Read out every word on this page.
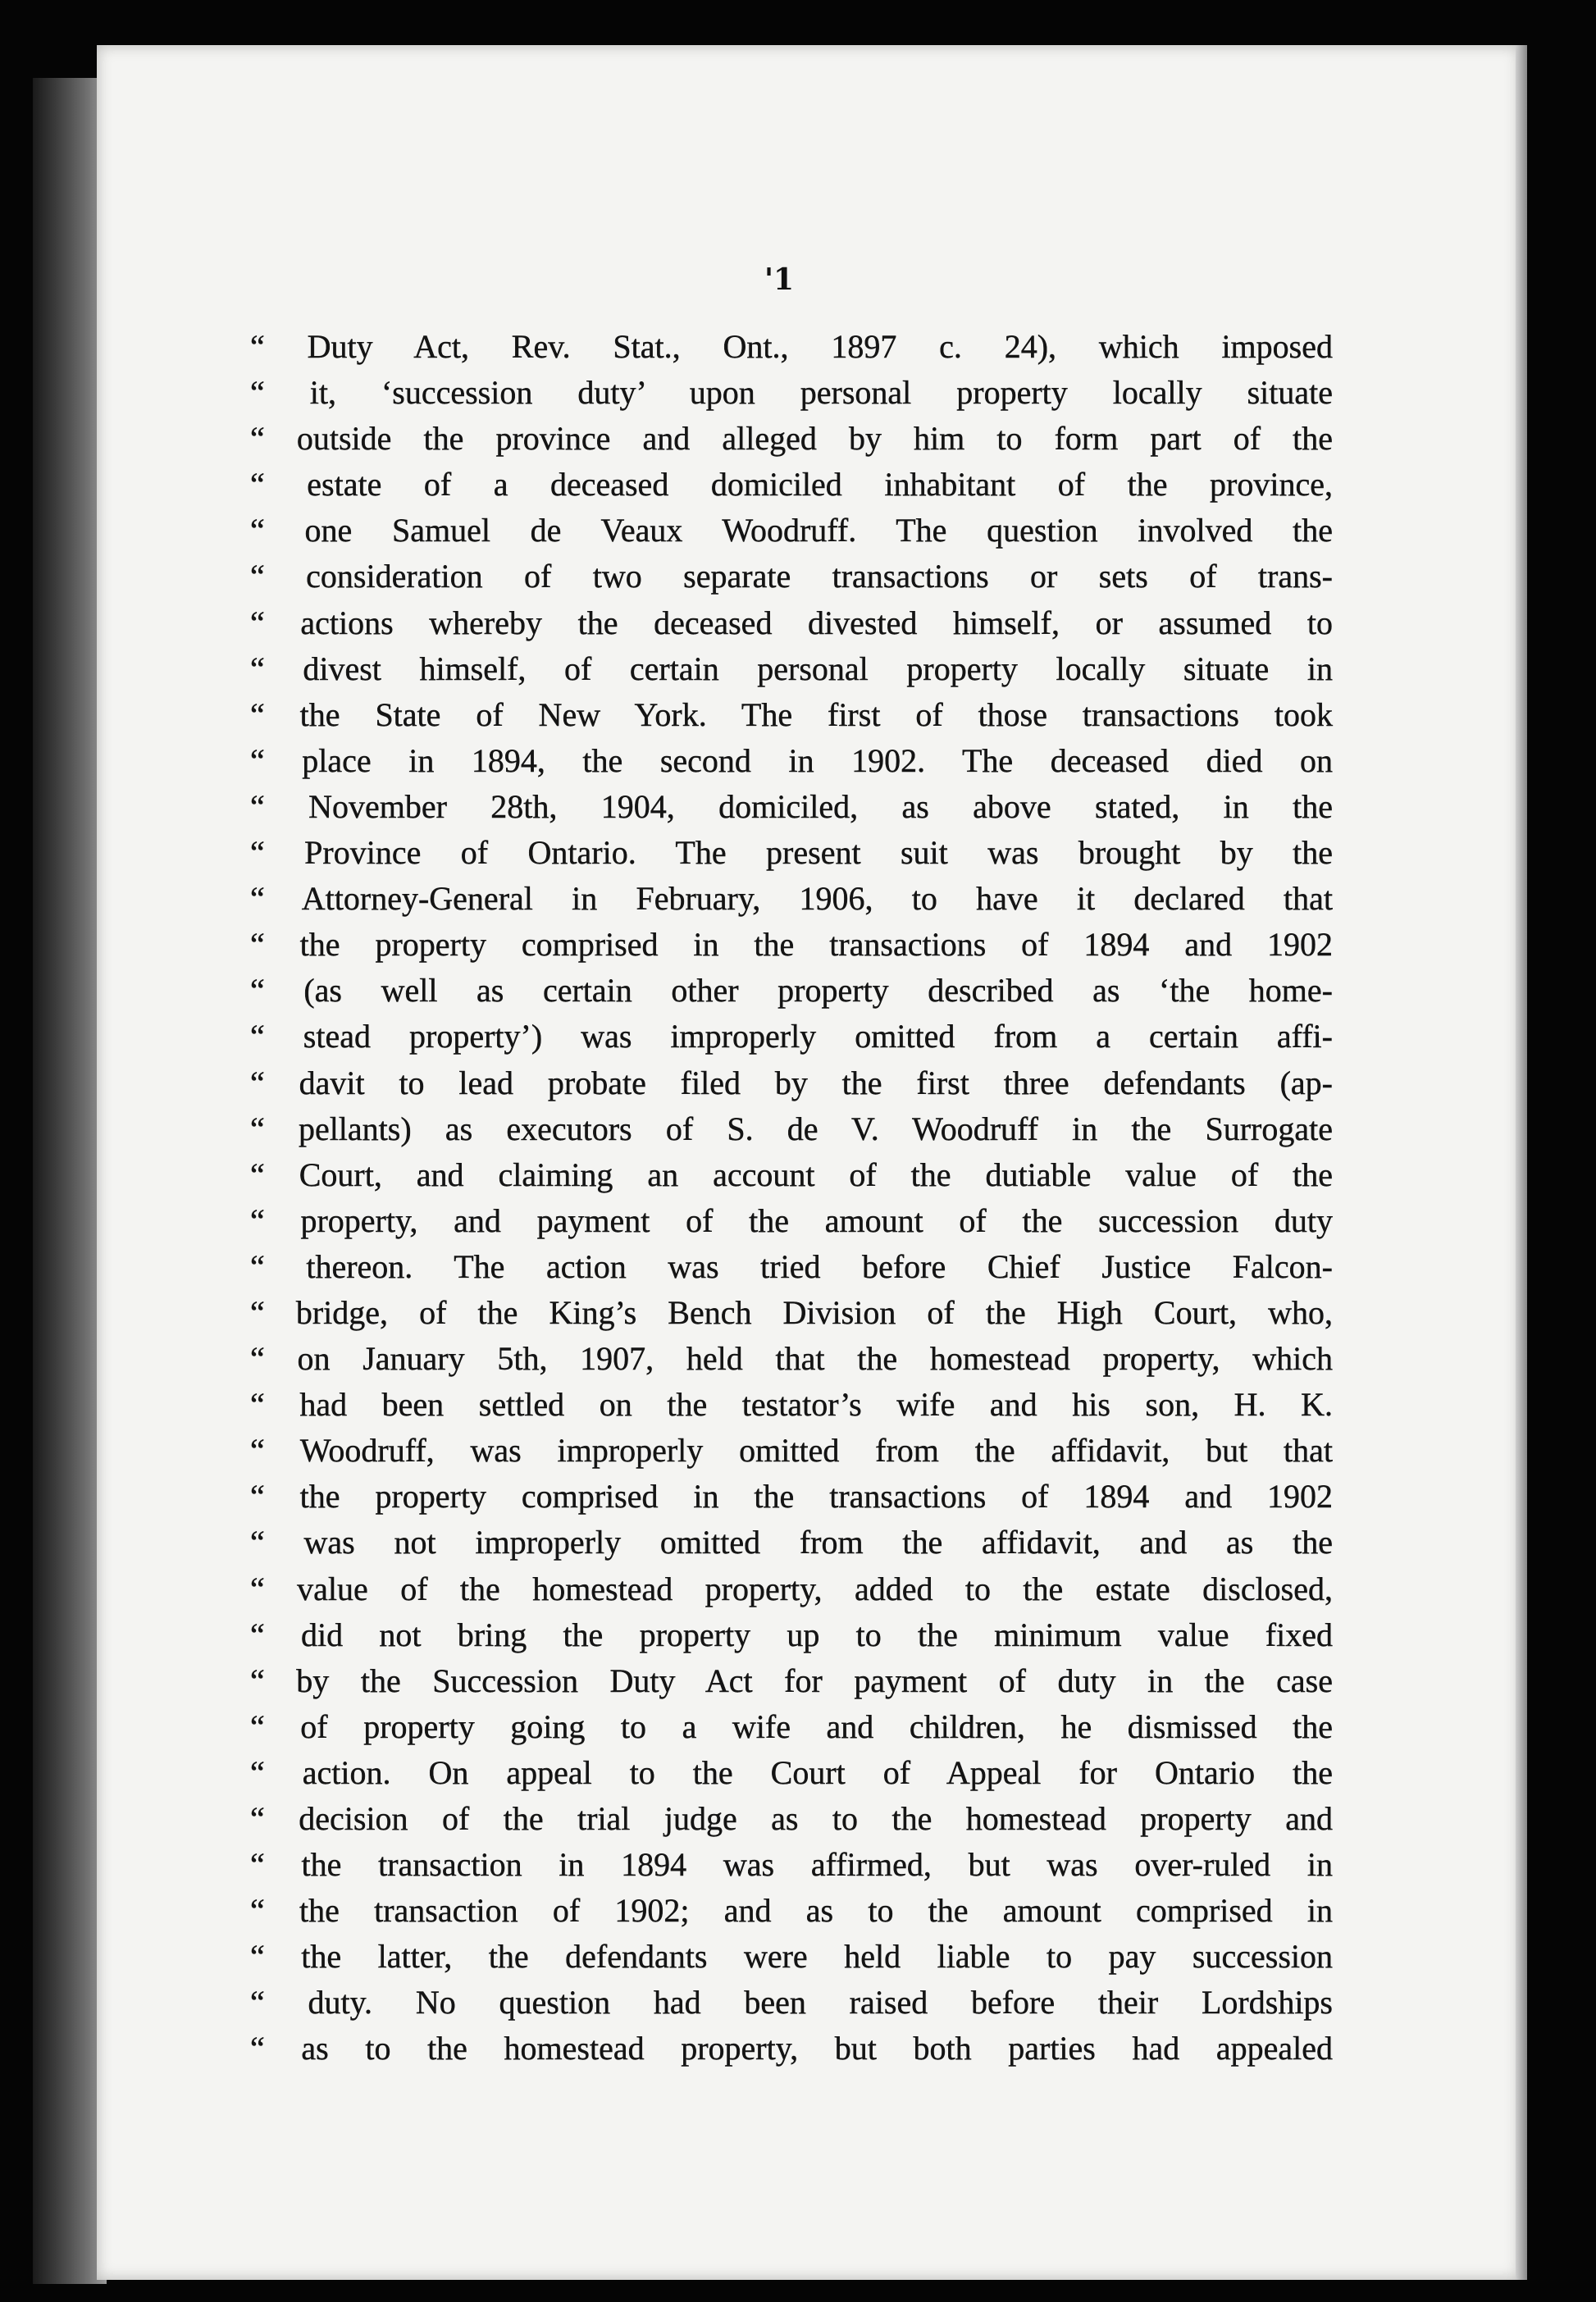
'1
“ Duty Act, Rev. Stat., Ont., 1897 c. 24), which imposed
“ it, ‘succession duty’ upon personal property locally situate
“ outside the province and alleged by him to form part of the
“ estate of a deceased domiciled inhabitant of the province,
“ one Samuel de Veaux Woodruff. The question involved the
“ consideration of two separate transactions or sets of trans-
“ actions whereby the deceased divested himself, or assumed to
“ divest himself, of certain personal property locally situate in
“ the State of New York. The first of those transactions took
“ place in 1894, the second in 1902. The deceased died on
“ November 28th, 1904, domiciled, as above stated, in the
“ Province of Ontario. The present suit was brought by the
“ Attorney-General in February, 1906, to have it declared that
“ the property comprised in the transactions of 1894 and 1902
“ (as well as certain other property described as ‘the home-
“ stead property’) was improperly omitted from a certain affi-
“ davit to lead probate filed by the first three defendants (ap-
“ pellants) as executors of S. de V. Woodruff in the Surrogate
“ Court, and claiming an account of the dutiable value of the
“ property, and payment of the amount of the succession duty
“ thereon. The action was tried before Chief Justice Falcon-
“ bridge, of the King’s Bench Division of the High Court, who,
“ on January 5th, 1907, held that the homestead property, which
“ had been settled on the testator’s wife and his son, H. K.
“ Woodruff, was improperly omitted from the affidavit, but that
“ the property comprised in the transactions of 1894 and 1902
“ was not improperly omitted from the affidavit, and as the
“ value of the homestead property, added to the estate disclosed,
“ did not bring the property up to the minimum value fixed
“ by the Succession Duty Act for payment of duty in the case
“ of property going to a wife and children, he dismissed the
“ action. On appeal to the Court of Appeal for Ontario the
“ decision of the trial judge as to the homestead property and
“ the transaction in 1894 was affirmed, but was over-ruled in
“ the transaction of 1902; and as to the amount comprised in
“ the latter, the defendants were held liable to pay succession
“ duty. No question had been raised before their Lordships
“ as to the homestead property, but both parties had appealed
